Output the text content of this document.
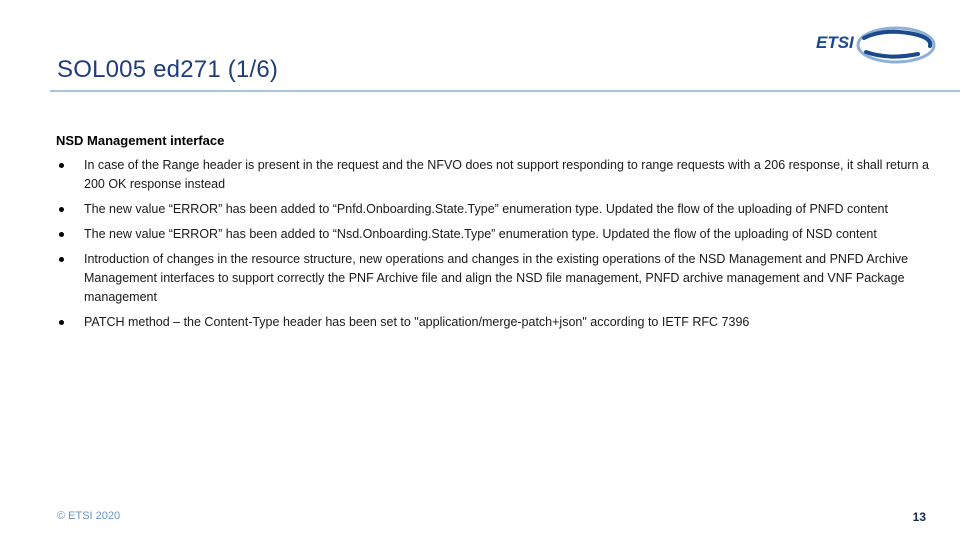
SOL005 ed271 (1/6)
ETSI
NSD Management interface
In case of the Range header is present in the request and the NFVO does not support responding to range requests with a 206 response, it shall return a 200 OK response instead
The new value “ERROR” has been added to “Pnfd.Onboarding.State.Type” enumeration type. Updated the flow of the uploading of PNFD content
The new value “ERROR” has been added to “Nsd.Onboarding.State.Type” enumeration type. Updated the flow of the uploading of NSD content
Introduction of changes in the resource structure, new operations and changes in the existing operations of the NSD Management and PNFD Archive Management interfaces to support correctly the PNF Archive file and align the NSD file management, PNFD archive management and VNF Package management
PATCH method – the Content-Type header has been set to "application/merge-patch+json" according to IETF RFC 7396
© ETSI 2020	13
